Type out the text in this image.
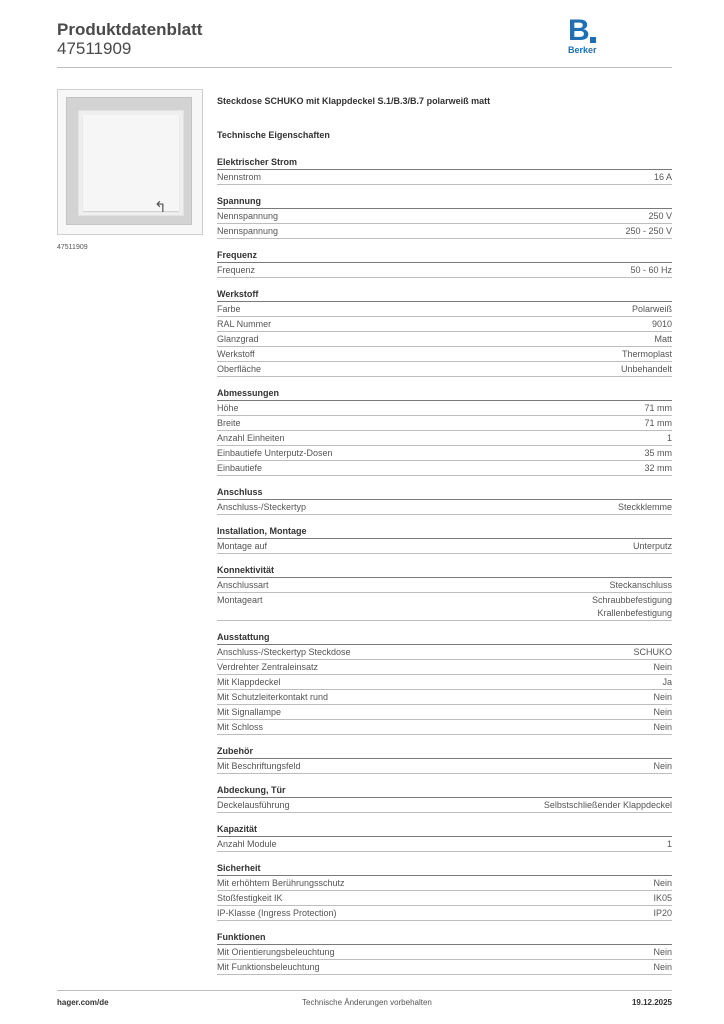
Produktdatenblatt
47511909
B
Berker
↰
47511909
Steckdose SCHUKO mit Klappdeckel S.1/B.3/B.7 polarweiß matt
Technische Eigenschaften
Elektrischer Strom
Nennstrom	16 A
Spannung
Nennspannung	250 V
Nennspannung	250 - 250 V
Frequenz
Frequenz	50 - 60 Hz
Werkstoff
Farbe	Polarweiß
RAL Nummer	9010
Glanzgrad	Matt
Werkstoff	Thermoplast
Oberfläche	Unbehandelt
Abmessungen
Höhe	71 mm
Breite	71 mm
Anzahl Einheiten	1
Einbautiefe Unterputz-Dosen	35 mm
Einbautiefe	32 mm
Anschluss
Anschluss-/Steckertyp	Steckklemme
Installation, Montage
Montage auf	Unterputz
Konnektivität
Anschlussart	Steckanschluss
Montageart	Schraubbefestigung
Krallenbefestigung
Ausstattung
Anschluss-/Steckertyp Steckdose	SCHUKO
Verdrehter Zentraleinsatz	Nein
Mit Klappdeckel	Ja
Mit Schutzleiterkontakt rund	Nein
Mit Signallampe	Nein
Mit Schloss	Nein
Zubehör
Mit Beschriftungsfeld	Nein
Abdeckung, Tür
Deckelausführung	Selbstschließender Klappdeckel
Kapazität
Anzahl Module	1
Sicherheit
Mit erhöhtem Berührungsschutz	Nein
Stoßfestigkeit IK	IK05
IP-Klasse (Ingress Protection)	IP20
Funktionen
Mit Orientierungsbeleuchtung	Nein
Mit Funktionsbeleuchtung	Nein
hager.com/de	Technische Änderungen vorbehalten	19.12.2025
